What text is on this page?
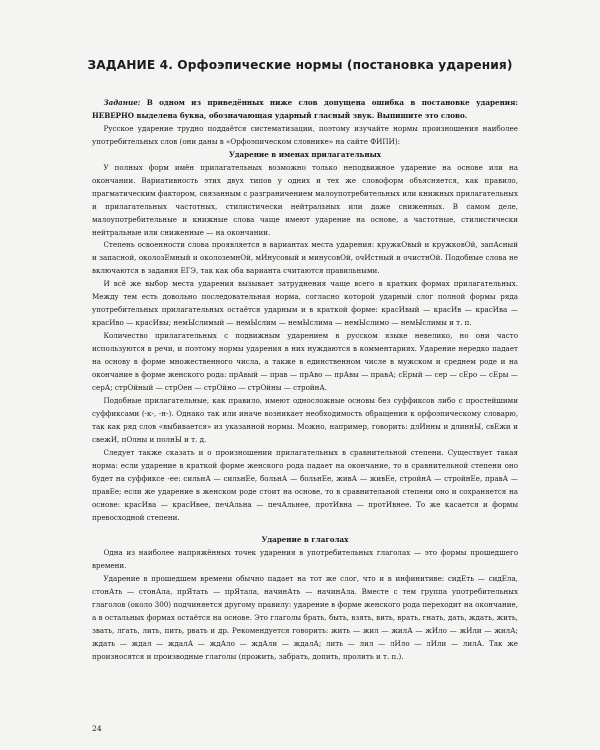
ЗАДАНИЕ 4. Орфоэпические нормы (постановка ударения)

Задание: В одном из приведённых ниже слов допущена ошибка в постановке ударения: НЕВЕРНО выделена буква, обозначающая ударный гласный звук. Выпишите это слово.

Русское ударение трудно поддаётся систематизации, поэтому изучайте нормы произношения наиболее употребительных слов (они даны в «Орфоэпическом словнике» на сайте ФИПИ):

Ударение в именах прилагательных

У полных форм имён прилагательных возможно только неподвижное ударение на основе или на окончании. Вариативность этих двух типов у одних и тех же словоформ объясняется, как правило, прагматическим фактором, связанным с разграничением малоупотребительных или книжных прилагательных и прилагательных частотных, стилистически нейтральных или даже сниженных. В самом деле, малоупотребительные и книжные слова чаще имеют ударение на основе, а частотные, стилистически нейтральные или сниженные — на окончании.

Степень освоенности слова проявляется в вариантах места ударения: кружкОвый и кружковОй, запАсный и запасной, околозЕмный и околоземнОй, мИнусовый и минусовОй, очИстный и очистнОй. Подобные слова не включаются в задания ЕГЭ, так как оба варианта считаются правильными.

И всё же выбор места ударения вызывает затруднения чаще всего в кратких формах прилагательных. Между тем есть довольно последовательная норма, согласно которой ударный слог полной формы ряда употребительных прилагательных остаётся ударным и в краткой форме: красИвый — красИв — красИва — красИво — красИвы; немЫслимый — немЫслим — немЫслима — немЫслимо — немЫслимы и т. п.

Количество прилагательных с подвижным ударением в русском языке невелико, но они часто используются в речи, и поэтому нормы ударения в них нуждаются в комментариях. Ударение нередко падает на основу в форме множественного числа, а также в единственном числе в мужском и среднем роде и на окончание в форме женского рода: прАвый — прав — прАво — прАвы — правА; сЕрый — сер — сЕро — сЕры — серА; стрОйный — стрОен — стрОйно — стрОйны — стройнА.

Подобные прилагательные, как правило, имеют односложные основы без суффиксов либо с простейшими суффиксами (-к-, -н-). Однако так или иначе возникает необходимость обращения к орфоэпическому словарю, так как ряд слов «выбивается» из указанной нормы. Можно, например, говорить: длИнны и длиннЫ, свЕжи и свежИ, пОлны и полнЫ и т. д.

Следует также сказать и о произношении прилагательных в сравнительной степени. Существует такая норма: если ударение в краткой форме женского рода падает на окончание, то в сравнительной степени оно будет на суффиксе -ее: сильнА — сильнЕе, больнА — больнЕе, живА — живЕе, стройнА — стройнЕе, правА — правЕе; если же ударение в женском роде стоит на основе, то в сравнительной степени оно и сохраняется на основе: красИва — красИвее, печАльна — печАльнее, протИвна — протИвнее. То же касается и формы превосходной степени.

Ударение в глаголах

Одна из наиболее напряжённых точек ударения в употребительных глаголах — это формы прошедшего времени.

Ударение в прошедшем времени обычно падает на тот же слог, что и в инфинитиве: сидЕть — сидЕла, стонАть — стонАла, прЯтать — прЯтала, начинАть — начинАла. Вместе с тем группа употребительных глаголов (около 300) подчиняется другому правилу: ударение в форме женского рода переходит на окончание, а в остальных формах остаётся на основе. Это глаголы брать, быть, взять, вить, врать, гнать, дать, ждать, жить, звать, лгать, лить, пить, рвать и др. Рекомендуется говорить: жить — жил — жилА — жИло — жИли — жилА; ждать — ждал — ждалА — ждАло — ждАли — ждалА; лить — лил — лИло — лИли — лилА. Так же произносятся и производные глаголы (прожить, забрать, допить, пролить и т. п.).

24
